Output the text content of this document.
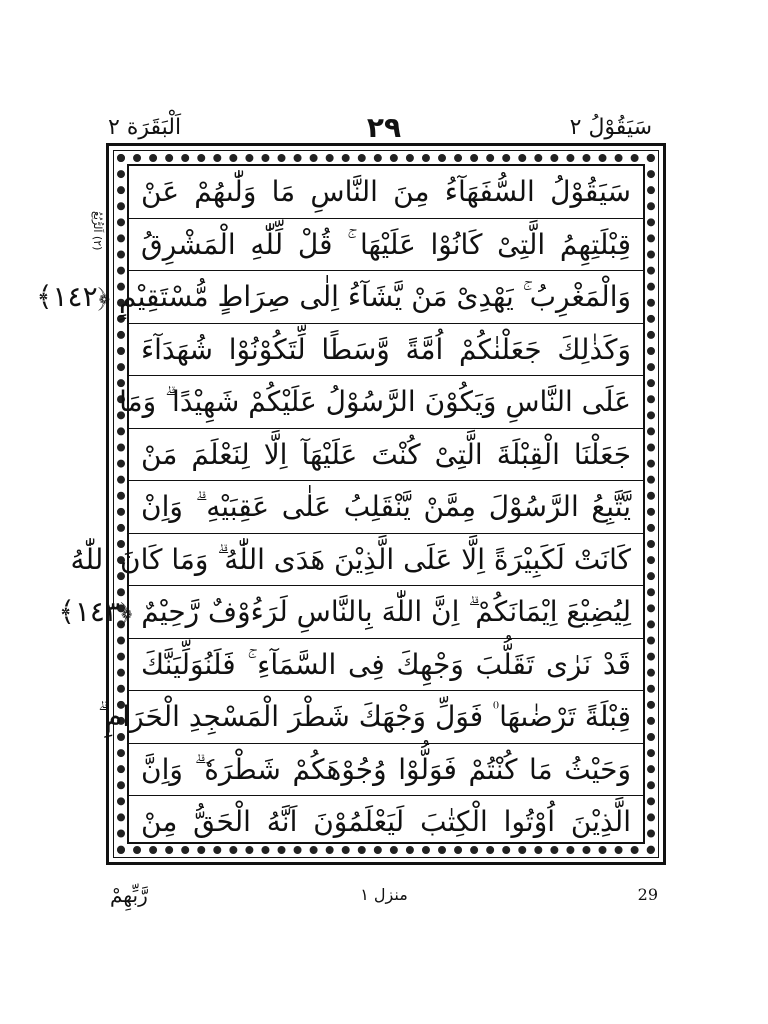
اَلْبَقَرَة ٢	٢٩	سَيَقُوْلُ ٢
(٢) اَلرُّبُعُ
سَيَقُوْلُ السُّفَهَآءُ مِنَ النَّاسِ مَا وَلّٰىهُمْ عَنْ
قِبْلَتِهِمُ الَّتِىْ كَانُوْا عَلَيْهَا ۚ قُلْ لِّلّٰهِ الْمَشْرِقُ
وَالْمَغْرِبُ ۚ يَهْدِىْ مَنْ يَّشَآءُ اِلٰى صِرَاطٍ مُّسْتَقِيْمٍ ﴿١٤٢﴾
وَكَذٰلِكَ جَعَلْنٰكُمْ اُمَّةً وَّسَطًا لِّتَكُوْنُوْا شُهَدَآءَ
عَلَى النَّاسِ وَيَكُوْنَ الرَّسُوْلُ عَلَيْكُمْ شَهِيْدًا ۗ وَمَا
جَعَلْنَا الْقِبْلَةَ الَّتِىْ كُنْتَ عَلَيْهَآ اِلَّا لِنَعْلَمَ مَنْ
يَّتَّبِعُ الرَّسُوْلَ مِمَّنْ يَّنْقَلِبُ عَلٰى عَقِبَيْهِ ۗ وَاِنْ
كَانَتْ لَكَبِيْرَةً اِلَّا عَلَى الَّذِيْنَ هَدَى اللّٰهُ ۗ وَمَا كَانَ اللّٰهُ
لِيُضِيْعَ اِيْمَانَكُمْ ۗ اِنَّ اللّٰهَ بِالنَّاسِ لَرَءُوْفٌ رَّحِيْمٌ ﴿١٤٣﴾
قَدْ نَرٰى تَقَلُّبَ وَجْهِكَ فِى السَّمَآءِ ۚ فَلَنُوَلِّيَنَّكَ
قِبْلَةً تَرْضٰىهَا ۠ فَوَلِّ وَجْهَكَ شَطْرَ الْمَسْجِدِ الْحَرَامِ ۗ
وَحَيْثُ مَا كُنْتُمْ فَوَلُّوْا وُجُوْهَكُمْ شَطْرَهٗ ۗ وَاِنَّ
الَّذِيْنَ اُوْتُوا الْكِتٰبَ لَيَعْلَمُوْنَ اَنَّهُ الْحَقُّ مِنْ
رَّبِّهِمْ	منزل ١	29
